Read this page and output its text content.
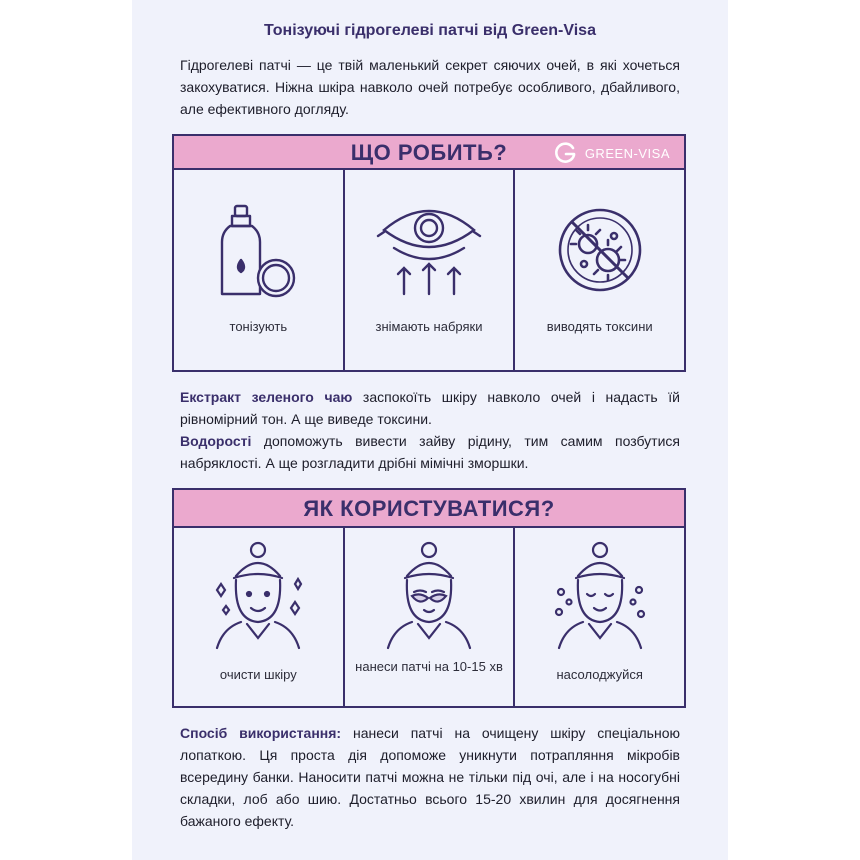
Тонізуючі гідрогелеві патчі від Green-Visa
Гідрогелеві патчі — це твій маленький секрет сяючих очей, в які хочеться закохуватися. Ніжна шкіра навколо очей потребує особливого, дбайливого, але ефективного догляду.
ЩО РОБИТЬ?	GREEN-VISA
тонізують	знімають набряки	виводять токсини
Екстракт зеленого чаю заспокоїть шкіру навколо очей і надасть їй рівномірний тон. А ще виведе токсини.
Водорості допоможуть вивести зайву рідину, тим самим позбутися набряклості. А ще розгладити дрібні мімічні зморшки.
ЯК КОРИСТУВАТИСЯ?
очисти шкіру
нанеси патчі на 10-15 хв
насолоджуйся
Спосіб використання: нанеси патчі на очищену шкіру спеціальною лопаткою. Ця проста дія допоможе уникнути потрапляння мікробів всередину банки. Наносити патчі можна не тільки під очі, але і на носогубні складки, лоб або шию. Достатньо всього 15-20 хвилин для досягнення бажаного ефекту.
